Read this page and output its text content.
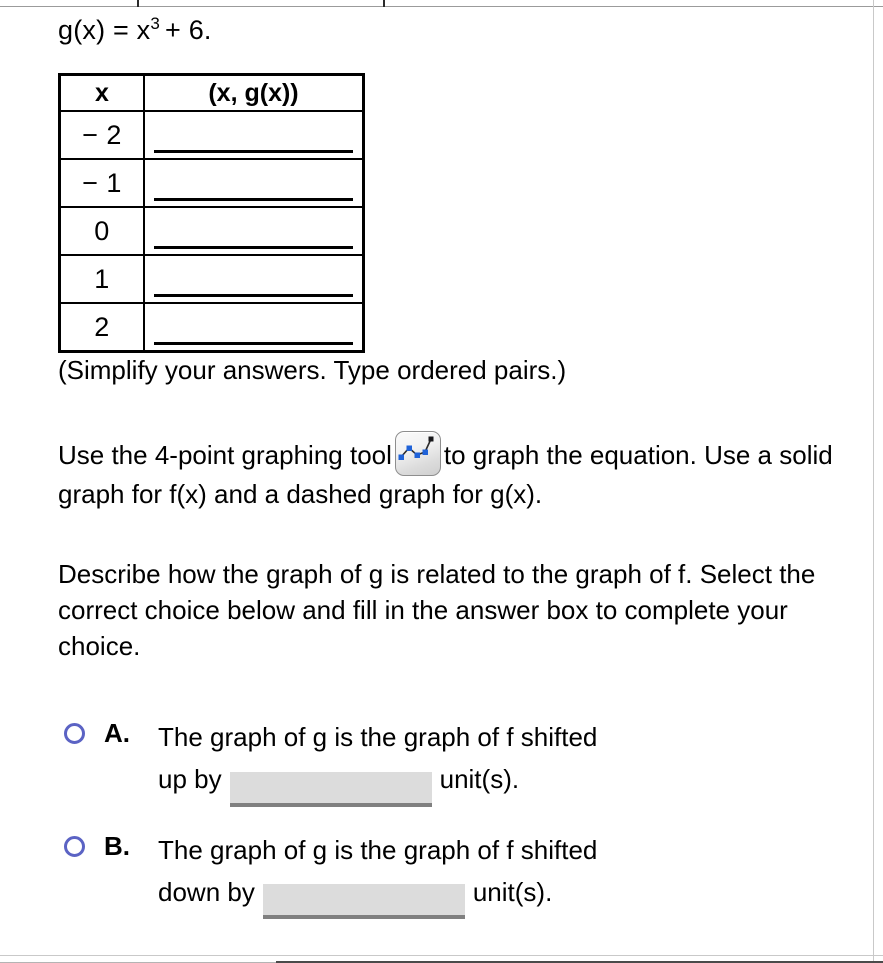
$g(x) = x^3 + 6$.

x	(x, g(x))
− 2	

− 1	

0	

1	

2	

(Simplify your answers. Type ordered pairs.)

Use the 4-point graphing tool to graph the equation. Use a solid graph for f(x) and a dashed graph for g(x).

Describe how the graph of g is related to the graph of f. Select the correct choice below and fill in the answer box to complete your choice.

A. The graph of g is the graph of f shifted
up by	unit(s).
B. The graph of g is the graph of f shifted
down by	unit(s).
